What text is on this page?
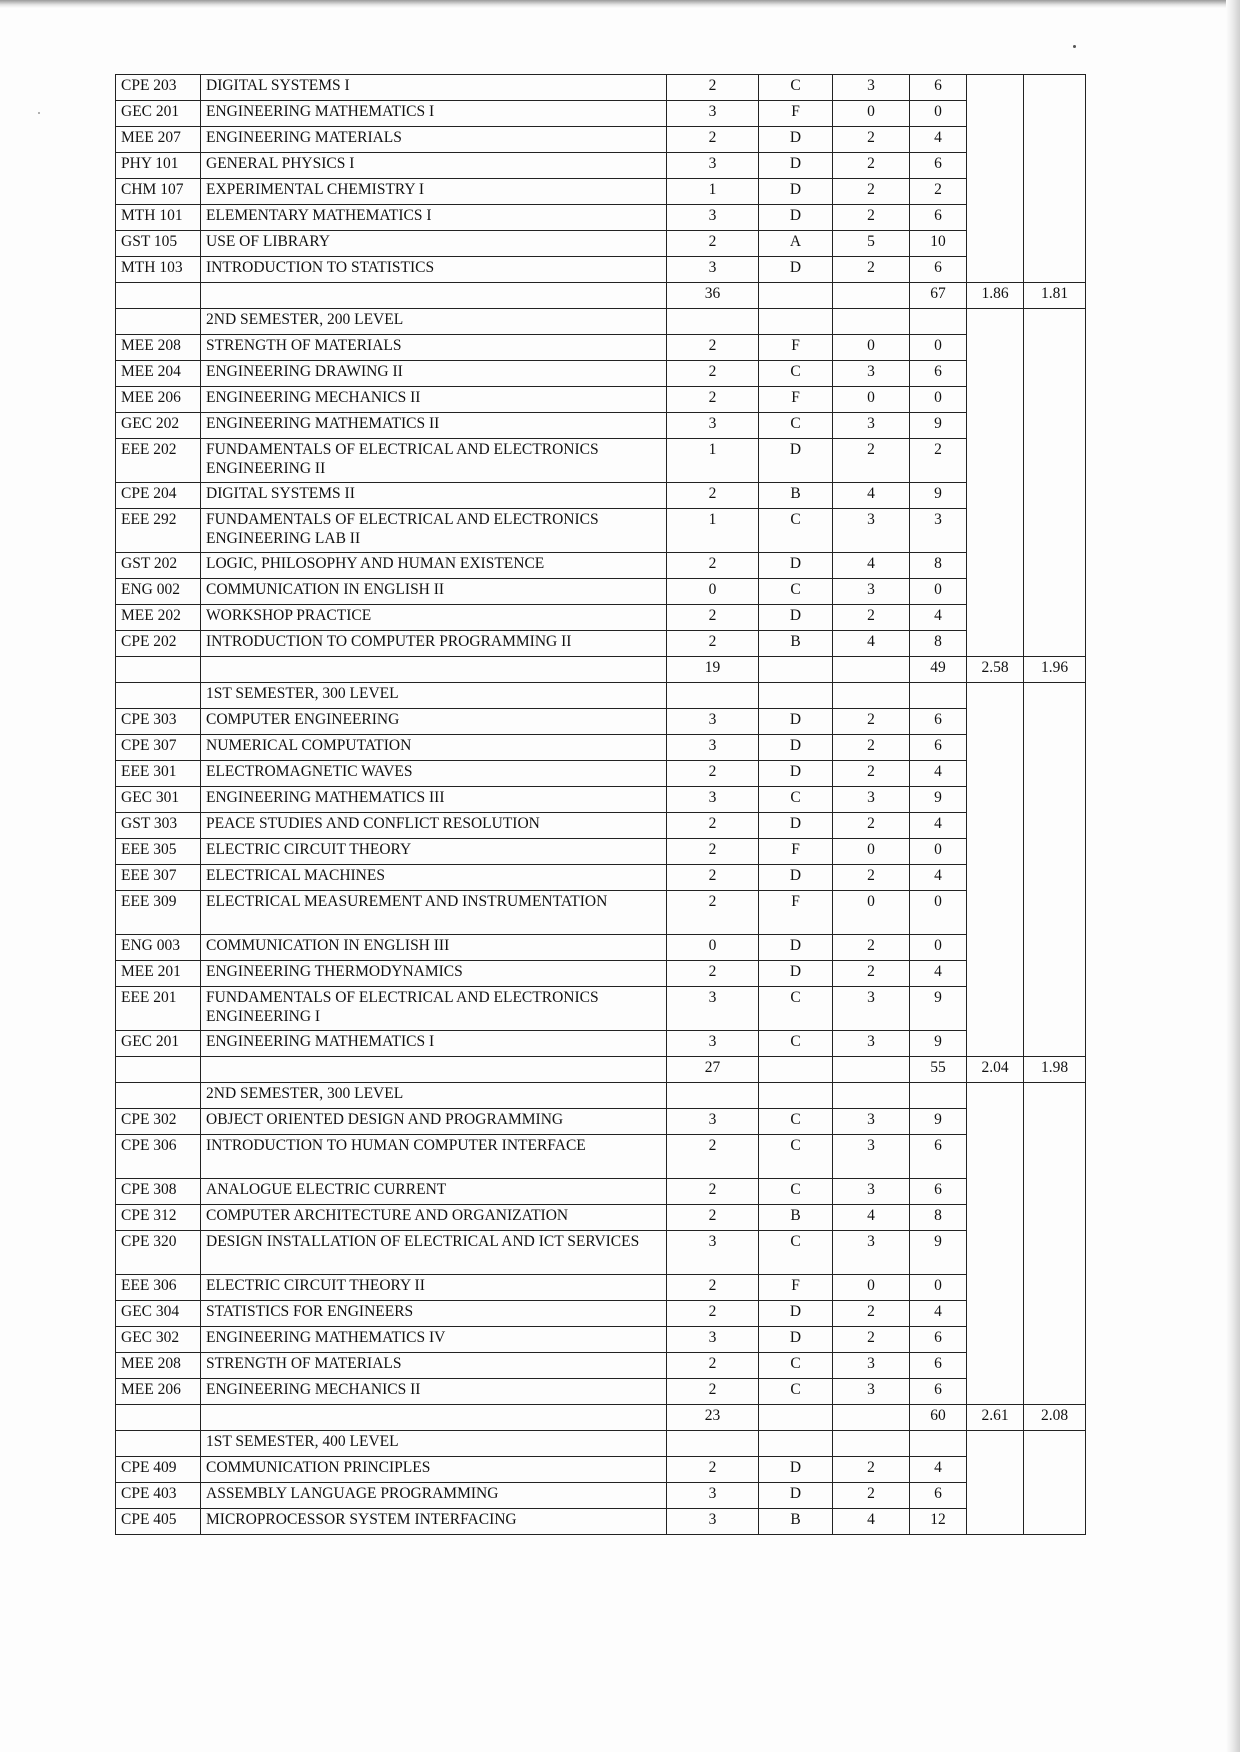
CPE 203	DIGITAL SYSTEMS I	2	C	3	6		
GEC 201	ENGINEERING MATHEMATICS I	3	F	0	0		
MEE 207	ENGINEERING MATERIALS	2	D	2	4		
PHY 101	GENERAL PHYSICS I	3	D	2	6		
CHM 107	EXPERIMENTAL CHEMISTRY I	1	D	2	2		
MTH 101	ELEMENTARY MATHEMATICS I	3	D	2	6		
GST 105	USE OF LIBRARY	2	A	5	10		
MTH 103	INTRODUCTION TO STATISTICS	3	D	2	6		
		36			67	1.86	1.81
	2ND SEMESTER, 200 LEVEL						
MEE 208	STRENGTH OF MATERIALS	2	F	0	0		
MEE 204	ENGINEERING DRAWING II	2	C	3	6		
MEE 206	ENGINEERING MECHANICS II	2	F	0	0		
GEC 202	ENGINEERING MATHEMATICS II	3	C	3	9		
EEE 202	FUNDAMENTALS OF ELECTRICAL AND ELECTRONICS ENGINEERING II	1	D	2	2		
CPE 204	DIGITAL SYSTEMS II	2	B	4	9		
EEE 292	FUNDAMENTALS OF ELECTRICAL AND ELECTRONICS ENGINEERING LAB II	1	C	3	3		
GST 202	LOGIC, PHILOSOPHY AND HUMAN EXISTENCE	2	D	4	8		
ENG 002	COMMUNICATION IN ENGLISH II	0	C	3	0		
MEE 202	WORKSHOP PRACTICE	2	D	2	4		
CPE 202	INTRODUCTION TO COMPUTER PROGRAMMING II	2	B	4	8		
		19			49	2.58	1.96
	1ST SEMESTER, 300 LEVEL						
CPE 303	COMPUTER ENGINEERING	3	D	2	6		
CPE 307	NUMERICAL COMPUTATION	3	D	2	6		
EEE 301	ELECTROMAGNETIC WAVES	2	D	2	4		
GEC 301	ENGINEERING MATHEMATICS III	3	C	3	9		
GST 303	PEACE STUDIES AND CONFLICT RESOLUTION	2	D	2	4		
EEE 305	ELECTRIC CIRCUIT THEORY	2	F	0	0		
EEE 307	ELECTRICAL MACHINES	2	D	2	4		
EEE 309	ELECTRICAL MEASUREMENT AND INSTRUMENTATION	2	F	0	0		
ENG 003	COMMUNICATION IN ENGLISH III	0	D	2	0		
MEE 201	ENGINEERING THERMODYNAMICS	2	D	2	4		
EEE 201	FUNDAMENTALS OF ELECTRICAL AND ELECTRONICS ENGINEERING I	3	C	3	9		
GEC 201	ENGINEERING MATHEMATICS I	3	C	3	9		
		27			55	2.04	1.98
	2ND SEMESTER, 300 LEVEL						
CPE 302	OBJECT ORIENTED DESIGN AND PROGRAMMING	3	C	3	9		
CPE 306	INTRODUCTION TO HUMAN COMPUTER INTERFACE	2	C	3	6		
CPE 308	ANALOGUE ELECTRIC CURRENT	2	C	3	6		
CPE 312	COMPUTER ARCHITECTURE AND ORGANIZATION	2	B	4	8		
CPE 320	DESIGN INSTALLATION OF ELECTRICAL AND ICT SERVICES	3	C	3	9		
EEE 306	ELECTRIC CIRCUIT THEORY II	2	F	0	0		
GEC 304	STATISTICS FOR ENGINEERS	2	D	2	4		
GEC 302	ENGINEERING MATHEMATICS IV	3	D	2	6		
MEE 208	STRENGTH OF MATERIALS	2	C	3	6		
MEE 206	ENGINEERING MECHANICS II	2	C	3	6		
		23			60	2.61	2.08
	1ST SEMESTER, 400 LEVEL						
CPE 409	COMMUNICATION PRINCIPLES	2	D	2	4		
CPE 403	ASSEMBLY LANGUAGE PROGRAMMING	3	D	2	6		
CPE 405	MICROPROCESSOR SYSTEM INTERFACING	3	B	4	12		
